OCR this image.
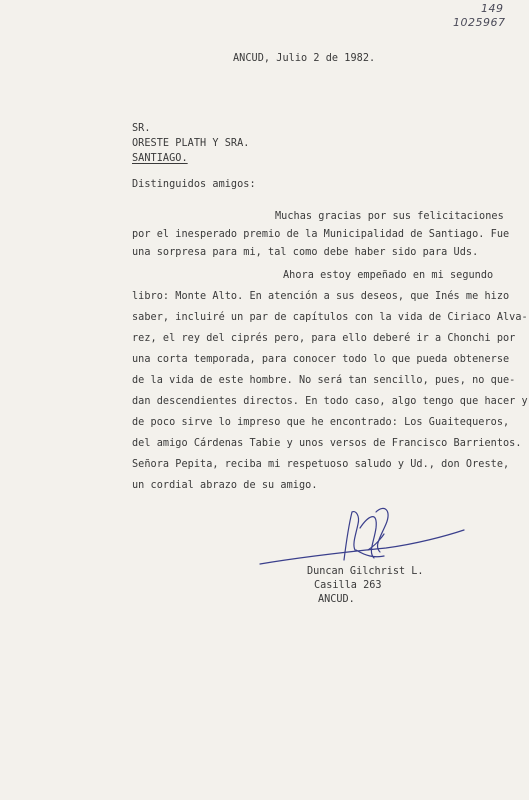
149
1025967
ANCUD, Julio 2 de 1982.
SR.
ORESTE PLATH Y SRA.
SANTIAGO.
Distinguidos amigos:
Muchas gracias por sus felicitaciones
por el inesperado premio de la Municipalidad de Santiago. Fue
una sorpresa para mi, tal como debe haber sido para Uds.
Ahora estoy empeñado en mi segundo
libro: Monte Alto. En atención a sus deseos, que Inés me hizo
saber, incluiré un par de capítulos con la vida de Ciriaco Alva-
rez, el rey del ciprés pero, para ello deberé ir a Chonchi por
una corta temporada, para conocer todo lo que pueda obtenerse
de la vida de este hombre. No será tan sencillo, pues, no que-
dan descendientes directos. En todo caso, algo tengo que hacer y
de poco sirve lo impreso que he encontrado: Los Guaitequeros,
del amigo Cárdenas Tabie y unos versos de Francisco Barrientos.
Señora Pepita, reciba mi respetuoso saludo y Ud., don Oreste,
un cordial abrazo de su amigo.
Duncan Gilchrist L.
Casilla 263
ANCUD.
